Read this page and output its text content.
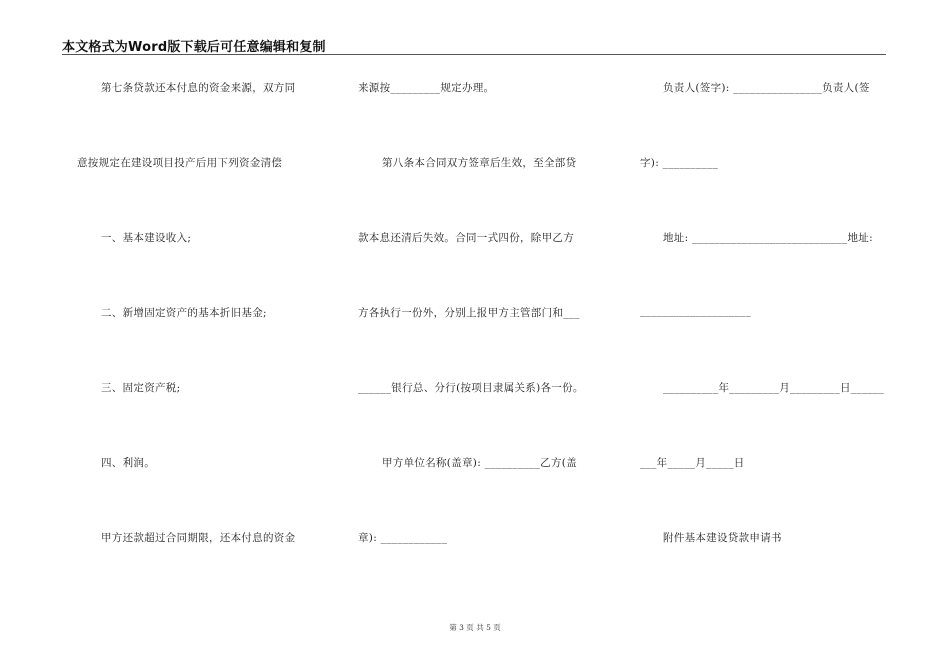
本文格式为Word版下载后可任意编辑和复制
第七条贷款还本付息的资金来源，双方同
意按规定在建设项目投产后用下列资金清偿
一、基本建设收入;
二、新增固定资产的基本折旧基金;
三、固定资产税;
四、利润。
甲方还款超过合同期限，还本付息的资金
来源按_________规定办理。
第八条本合同双方签章后生效，至全部贷
款本息还清后失效。合同一式四份，除甲乙方
方各执行一份外，分别上报甲方主管部门和___
______银行总、分行(按项目隶属关系)各一份。
甲方单位名称(盖章): __________乙方(盖
章): ____________
负责人(签字): ________________负责人(签
字): __________
地址: ____________________________地址:
____________________
__________年_________月_________日______
___年_____月_____日
附件基本建设贷款申请书
第 3 页 共 5 页
